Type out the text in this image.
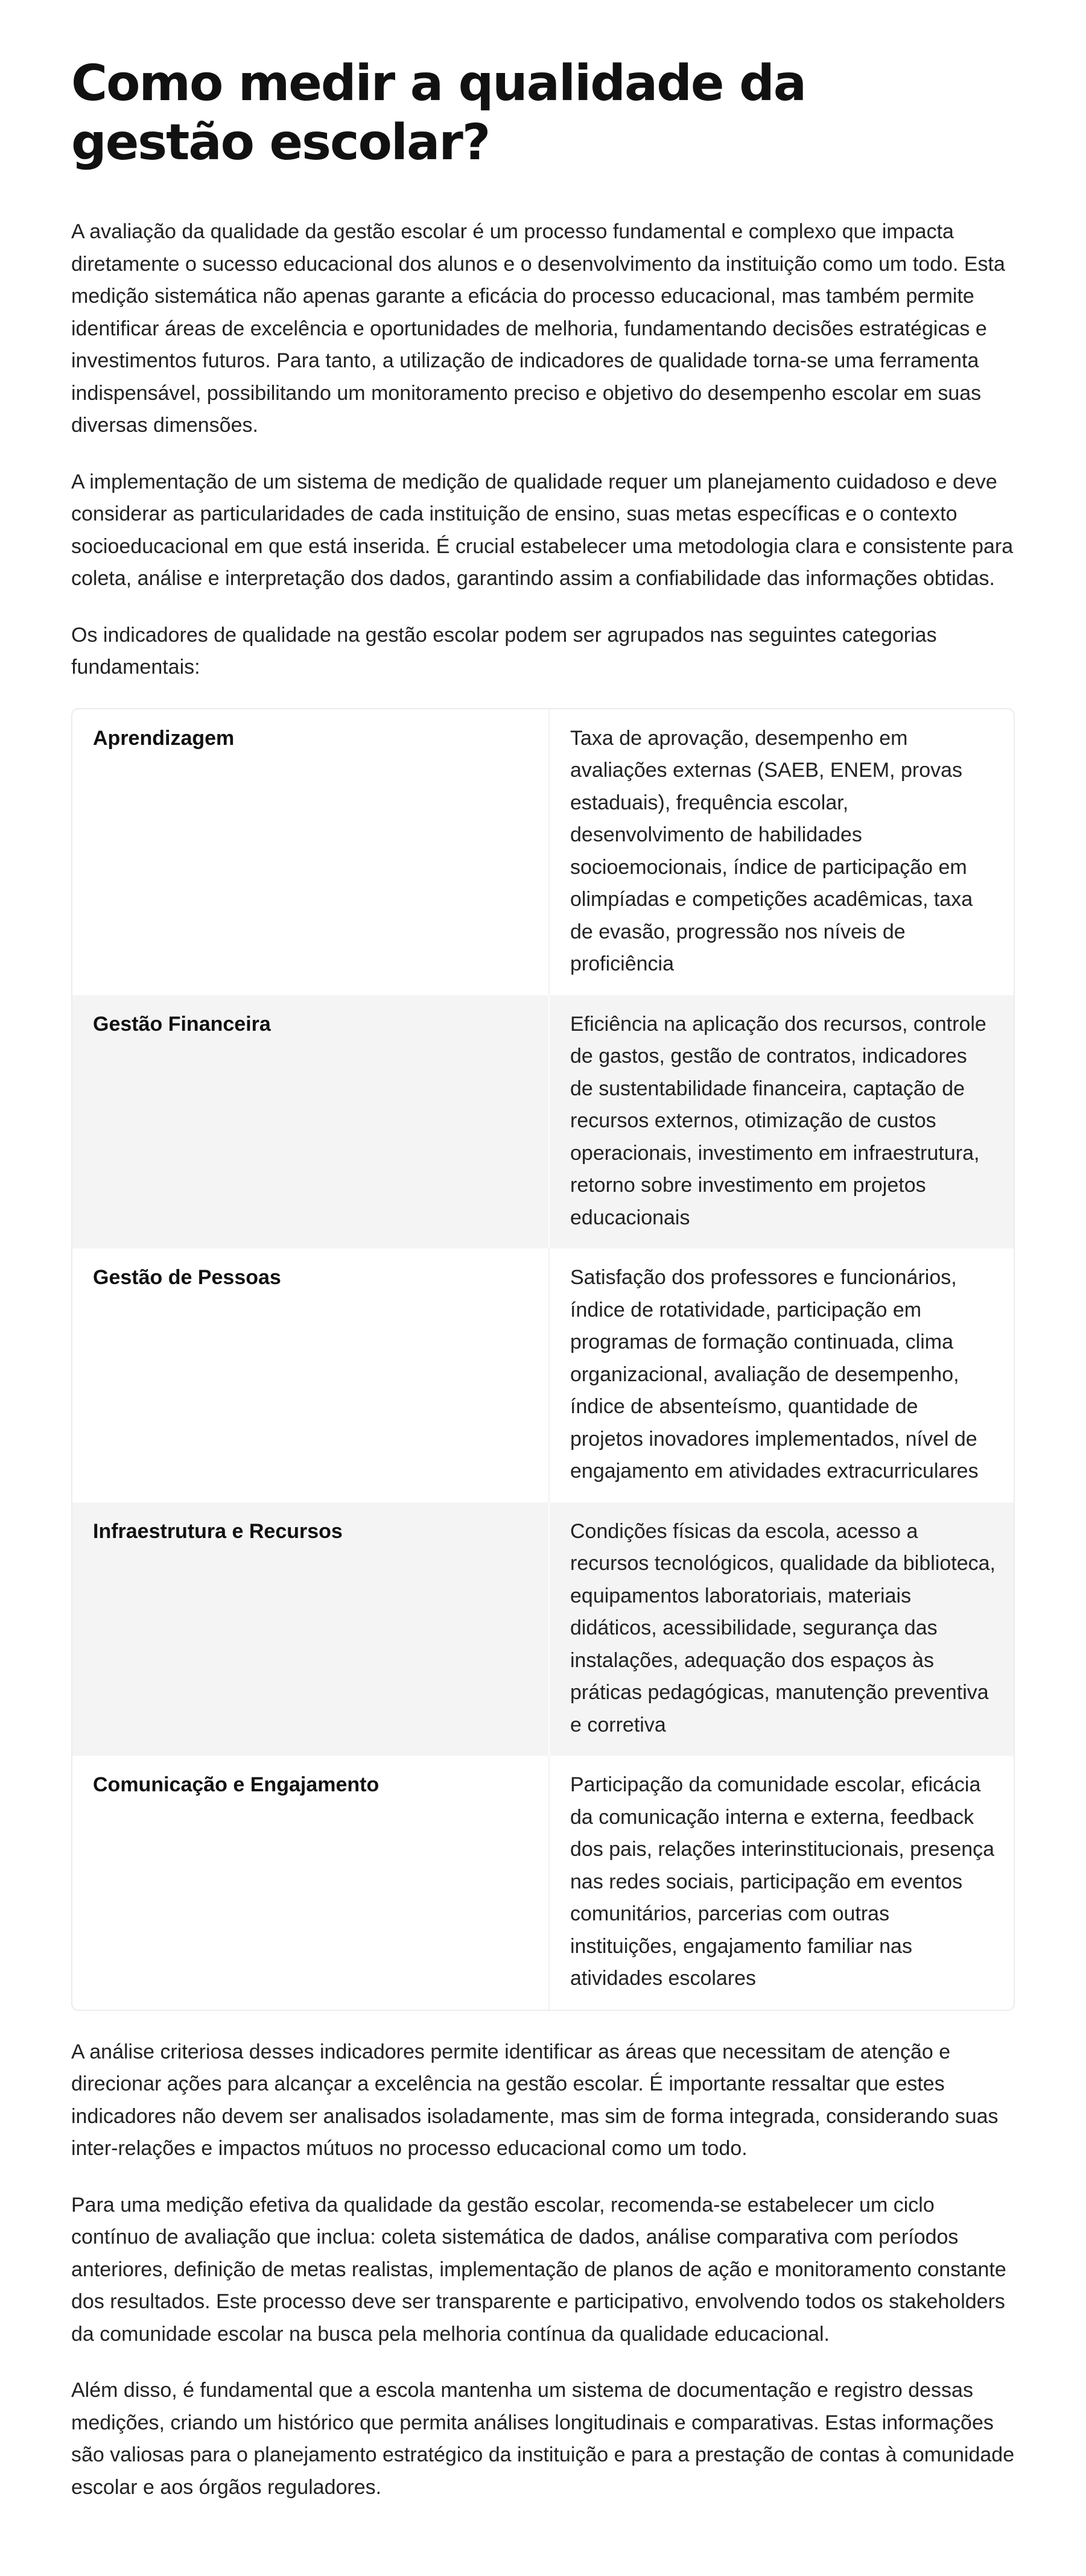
Como medir a qualidade da gestão escolar?

A avaliação da qualidade da gestão escolar é um processo fundamental e complexo que impacta diretamente o sucesso educacional dos alunos e o desenvolvimento da instituição como um todo. Esta medição sistemática não apenas garante a eficácia do processo educacional, mas também permite identificar áreas de excelência e oportunidades de melhoria, fundamentando decisões estratégicas e investimentos futuros. Para tanto, a utilização de indicadores de qualidade torna-se uma ferramenta indispensável, possibilitando um monitoramento preciso e objetivo do desempenho escolar em suas diversas dimensões.

A implementação de um sistema de medição de qualidade requer um planejamento cuidadoso e deve considerar as particularidades de cada instituição de ensino, suas metas específicas e o contexto socioeducacional em que está inserida. É crucial estabelecer uma metodologia clara e consistente para coleta, análise e interpretação dos dados, garantindo assim a confiabilidade das informações obtidas.

Os indicadores de qualidade na gestão escolar podem ser agrupados nas seguintes categorias fundamentais:

Aprendizagem	Taxa de aprovação, desempenho em avaliações externas (SAEB, ENEM, provas estaduais), frequência escolar, desenvolvimento de habilidades socioemocionais, índice de participação em olimpíadas e competições acadêmicas, taxa de evasão, progressão nos níveis de proficiência
Gestão Financeira	Eficiência na aplicação dos recursos, controle de gastos, gestão de contratos, indicadores de sustentabilidade financeira, captação de recursos externos, otimização de custos operacionais, investimento em infraestrutura, retorno sobre investimento em projetos educacionais
Gestão de Pessoas	Satisfação dos professores e funcionários, índice de rotatividade, participação em programas de formação continuada, clima organizacional, avaliação de desempenho, índice de absenteísmo, quantidade de projetos inovadores implementados, nível de engajamento em atividades extracurriculares
Infraestrutura e Recursos	Condições físicas da escola, acesso a recursos tecnológicos, qualidade da biblioteca, equipamentos laboratoriais, materiais didáticos, acessibilidade, segurança das instalações, adequação dos espaços às práticas pedagógicas, manutenção preventiva e corretiva
Comunicação e Engajamento	Participação da comunidade escolar, eficácia da comunicação interna e externa, feedback dos pais, relações interinstitucionais, presença nas redes sociais, participação em eventos comunitários, parcerias com outras instituições, engajamento familiar nas atividades escolares

A análise criteriosa desses indicadores permite identificar as áreas que necessitam de atenção e direcionar ações para alcançar a excelência na gestão escolar. É importante ressaltar que estes indicadores não devem ser analisados isoladamente, mas sim de forma integrada, considerando suas inter-relações e impactos mútuos no processo educacional como um todo.

Para uma medição efetiva da qualidade da gestão escolar, recomenda-se estabelecer um ciclo contínuo de avaliação que inclua: coleta sistemática de dados, análise comparativa com períodos anteriores, definição de metas realistas, implementação de planos de ação e monitoramento constante dos resultados. Este processo deve ser transparente e participativo, envolvendo todos os stakeholders da comunidade escolar na busca pela melhoria contínua da qualidade educacional.

Além disso, é fundamental que a escola mantenha um sistema de documentação e registro dessas medições, criando um histórico que permita análises longitudinais e comparativas. Estas informações são valiosas para o planejamento estratégico da instituição e para a prestação de contas à comunidade escolar e aos órgãos reguladores.
